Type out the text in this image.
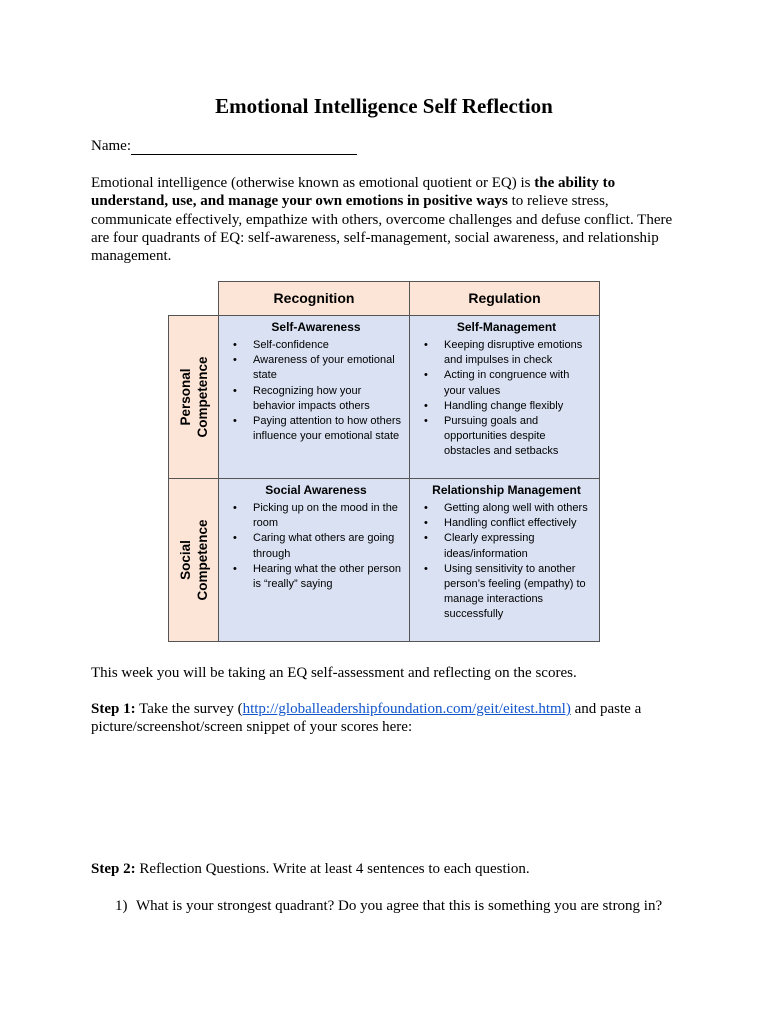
Emotional Intelligence Self Reflection

Name:

Emotional intelligence (otherwise known as emotional quotient or EQ) is the ability to understand, use, and manage your own emotions in positive ways to relieve stress, communicate effectively, empathize with others, overcome challenges and defuse conflict. There are four quadrants of EQ: self-awareness, self-management, social awareness, and relationship management.

Recognition	Regulation
Personal Competence
Social Competence
Self-Awareness
• Self-confidence
• Awareness of your emotional state
• Recognizing how your behavior impacts others
• Paying attention to how others influence your emotional state
Self-Management
• Keeping disruptive emotions and impulses in check
• Acting in congruence with your values
• Handling change flexibly
• Pursuing goals and opportunities despite obstacles and setbacks
Social Awareness
• Picking up on the mood in the room
• Caring what others are going through
• Hearing what the other person is “really” saying
Relationship Management
• Getting along well with others
• Handling conflict effectively
• Clearly expressing ideas/information
• Using sensitivity to another person’s feeling (empathy) to manage interactions successfully

This week you will be taking an EQ self-assessment and reflecting on the scores.

Step 1: Take the survey (http://globalleadershipfoundation.com/geit/eitest.html) and paste a picture/screenshot/screen snippet of your scores here:

Step 2: Reflection Questions. Write at least 4 sentences to each question.

1) What is your strongest quadrant? Do you agree that this is something you are strong in?
